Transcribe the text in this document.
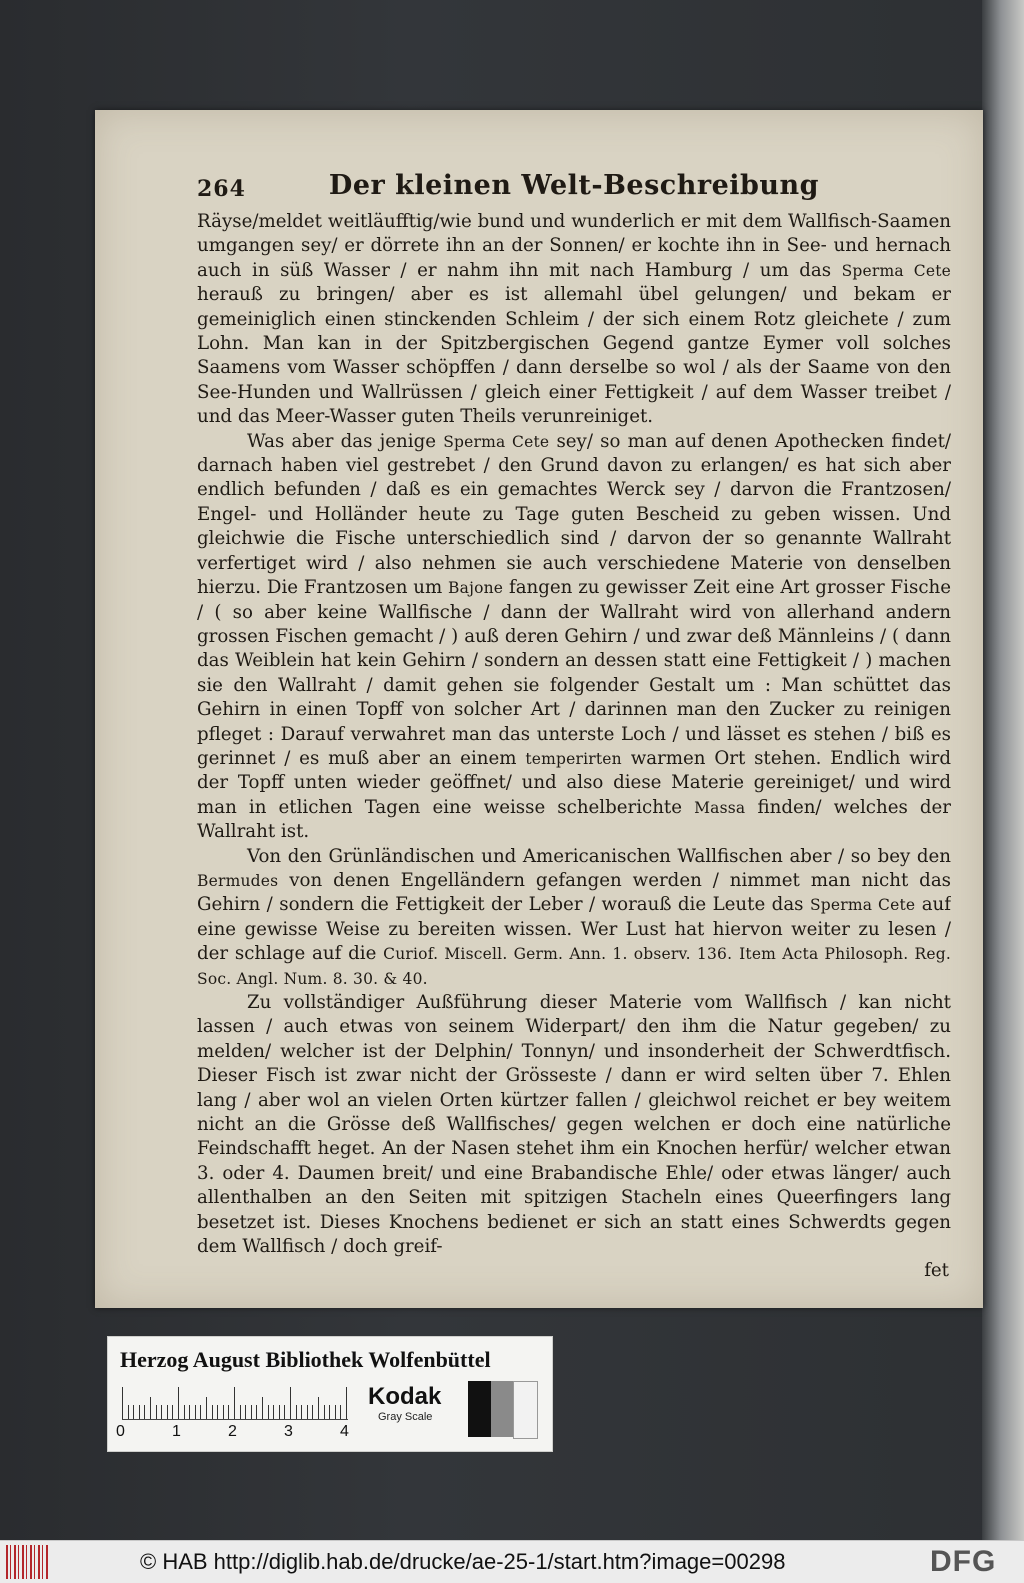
264	Der kleinen Welt-Beschreibung

Räyse/meldet weitläufftig/wie bund und wunderlich er mit dem Wallfisch-Saamen umgangen sey/ er dörrete ihn an der Sonnen/ er kochte ihn in See- und hernach auch in süß Wasser / er nahm ihn mit nach Hamburg / um das Sperma Cete herauß zu bringen/ aber es ist allemahl übel gelungen/ und bekam er gemeiniglich einen stinckenden Schleim / der sich einem Rotz gleichete / zum Lohn. Man kan in der Spitzbergischen Gegend gantze Eymer voll solches Saamens vom Wasser schöpffen / dann derselbe so wol / als der Saame von den See-Hunden und Wallrüssen / gleich einer Fettigkeit / auf dem Wasser treibet / und das Meer-Wasser guten Theils verunreiniget.

Was aber das jenige Sperma Cete sey/ so man auf denen Apothecken findet/ darnach haben viel gestrebet / den Grund davon zu erlangen/ es hat sich aber endlich befunden / daß es ein gemachtes Werck sey / darvon die Frantzosen/ Engel- und Holländer heute zu Tage guten Bescheid zu geben wissen. Und gleichwie die Fische unterschiedlich sind / darvon der so genannte Wallraht verfertiget wird / also nehmen sie auch verschiedene Materie von denselben hierzu. Die Frantzosen um Bajone fangen zu gewisser Zeit eine Art grosser Fische / ( so aber keine Wallfische / dann der Wallraht wird von allerhand andern grossen Fischen gemacht / ) auß deren Gehirn / und zwar deß Männleins / ( dann das Weiblein hat kein Gehirn / sondern an dessen statt eine Fettigkeit / ) machen sie den Wallraht / damit gehen sie folgender Gestalt um : Man schüttet das Gehirn in einen Topff von solcher Art / darinnen man den Zucker zu reinigen pfleget : Darauf verwahret man das unterste Loch / und lässet es stehen / biß es gerinnet / es muß aber an einem temperirten warmen Ort stehen. Endlich wird der Topff unten wieder geöffnet/ und also diese Materie gereiniget/ und wird man in etlichen Tagen eine weisse schelberichte Massa finden/ welches der Wallraht ist.

Von den Grünländischen und Americanischen Wallfischen aber / so bey den Bermudes von denen Engelländern gefangen werden / nimmet man nicht das Gehirn / sondern die Fettigkeit der Leber / worauß die Leute das Sperma Cete auf eine gewisse Weise zu bereiten wissen. Wer Lust hat hiervon weiter zu lesen / der schlage auf die Curiof. Miscell. Germ. Ann. 1. observ. 136. Item Acta Philosoph. Reg. Soc. Angl. Num. 8. 30. & 40.

Zu vollständiger Außführung dieser Materie vom Wallfisch / kan nicht lassen / auch etwas von seinem Widerpart/ den ihm die Natur gegeben/ zu melden/ welcher ist der Delphin/ Tonnyn/ und insonderheit der Schwerdtfisch. Dieser Fisch ist zwar nicht der Grösseste / dann er wird selten über 7. Ehlen lang / aber wol an vielen Orten kürtzer fallen / gleichwol reichet er bey weitem nicht an die Grösse deß Wallfisches/ gegen welchen er doch eine natürliche Feindschafft heget. An der Nasen stehet ihm ein Knochen herfür/ welcher etwan 3. oder 4. Daumen breit/ und eine Brabandische Ehle/ oder etwas länger/ auch allenthalben an den Seiten mit spitzigen Stacheln eines Queerfingers lang besetzet ist. Dieses Knochens bedienet er sich an statt eines Schwerdts gegen dem Wallfisch / doch greif-

fet

Herzog August Bibliothek Wolfenbüttel
0	1	2	3	4
Kodak
Gray Scale
© HAB http://diglib.hab.de/drucke/ae-25-1/start.htm?image=00298	DFG
